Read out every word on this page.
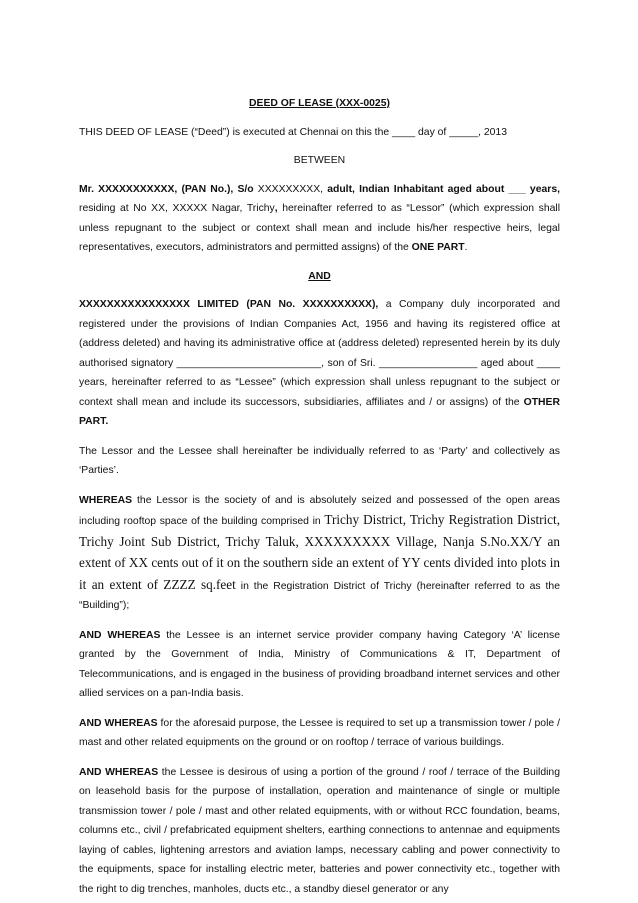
DEED OF LEASE (XXX-0025)

THIS DEED OF LEASE (“Deed”) is executed at Chennai on this the ____ day of _____, 2013

BETWEEN

Mr. XXXXXXXXXXX, (PAN No.), S/o XXXXXXXXX, adult, Indian Inhabitant aged about ___ years, residing at No XX, XXXXX Nagar, Trichy, hereinafter referred to as “Lessor” (which expression shall unless repugnant to the subject or context shall mean and include his/her respective heirs, legal representatives, executors, administrators and permitted assigns) of the ONE PART.

AND

XXXXXXXXXXXXXXXX LIMITED (PAN No. XXXXXXXXXX), a Company duly incorporated and registered under the provisions of Indian Companies Act, 1956 and having its registered office at (address deleted) and having its administrative office at (address deleted) represented herein by its duly authorised signatory _________________________, son of Sri. _________________ aged about ____ years, hereinafter referred to as “Lessee” (which expression shall unless repugnant to the subject or context shall mean and include its successors, subsidiaries, affiliates and / or assigns) of the OTHER PART.

The Lessor and the Lessee shall hereinafter be individually referred to as ‘Party’ and collectively as ‘Parties’.

WHEREAS the Lessor is the society of and is absolutely seized and possessed of the open areas including rooftop space of the building comprised in Trichy District, Trichy Registration District, Trichy Joint Sub District, Trichy Taluk, XXXXXXXXX Village, Nanja S.No.XX/Y an extent of XX cents out of it on the southern side an extent of YY cents divided into plots in it an extent of ZZZZ sq.feet in the Registration District of Trichy (hereinafter referred to as the “Building”);

AND WHEREAS the Lessee is an internet service provider company having Category ‘A’ license granted by the Government of India, Ministry of Communications & IT, Department of Telecommunications, and is engaged in the business of providing broadband internet services and other allied services on a pan-India basis.

AND WHEREAS for the aforesaid purpose, the Lessee is required to set up a transmission tower / pole / mast and other related equipments on the ground or on rooftop / terrace of various buildings.

AND WHEREAS the Lessee is desirous of using a portion of the ground / roof / terrace of the Building on leasehold basis for the purpose of installation, operation and maintenance of single or multiple transmission tower / pole / mast and other related equipments, with or without RCC foundation, beams, columns etc., civil / prefabricated equipment shelters, earthing connections to antennae and equipments laying of cables, lightening arrestors and aviation lamps, necessary cabling and power connectivity to the equipments, space for installing electric meter, batteries and power connectivity etc., together with the right to dig trenches, manholes, ducts etc., a standby diesel generator or any
